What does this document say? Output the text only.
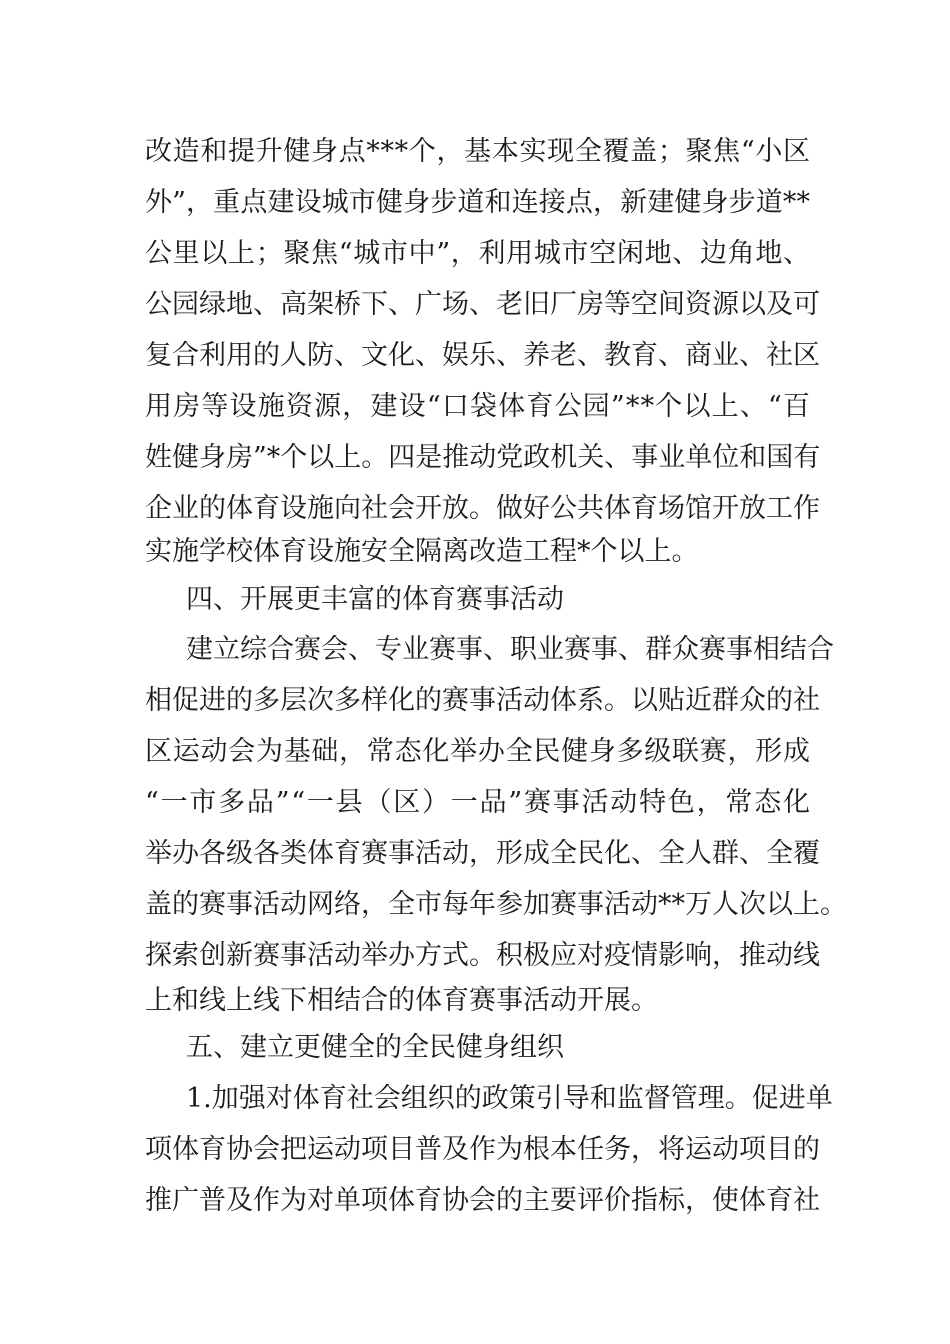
改造和提升健身点***个，基本实现全覆盖；聚焦“小区
外”，重点建设城市健身步道和连接点，新建健身步道**
公里以上；聚焦“城市中”，利用城市空闲地、边角地、
公园绿地、高架桥下、广场、老旧厂房等空间资源以及可
复合利用的人防、文化、娱乐、养老、教育、商业、社区
用房等设施资源，建设“口袋体育公园”**个以上、“百
姓健身房”*个以上。四是推动党政机关、事业单位和国有
企业的体育设施向社会开放。做好公共体育场馆开放工作
实施学校体育设施安全隔离改造工程*个以上。
四、开展更丰富的体育赛事活动
建立综合赛会、专业赛事、职业赛事、群众赛事相结合
相促进的多层次多样化的赛事活动体系。以贴近群众的社
区运动会为基础，常态化举办全民健身多级联赛，形成
“一市多品”“一县（区）一品”赛事活动特色，常态化
举办各级各类体育赛事活动，形成全民化、全人群、全覆
盖的赛事活动网络，全市每年参加赛事活动**万人次以上。
探索创新赛事活动举办方式。积极应对疫情影响，推动线
上和线上线下相结合的体育赛事活动开展。
五、建立更健全的全民健身组织
1.加强对体育社会组织的政策引导和监督管理。促进单
项体育协会把运动项目普及作为根本任务，将运动项目的
推广普及作为对单项体育协会的主要评价指标，使体育社
